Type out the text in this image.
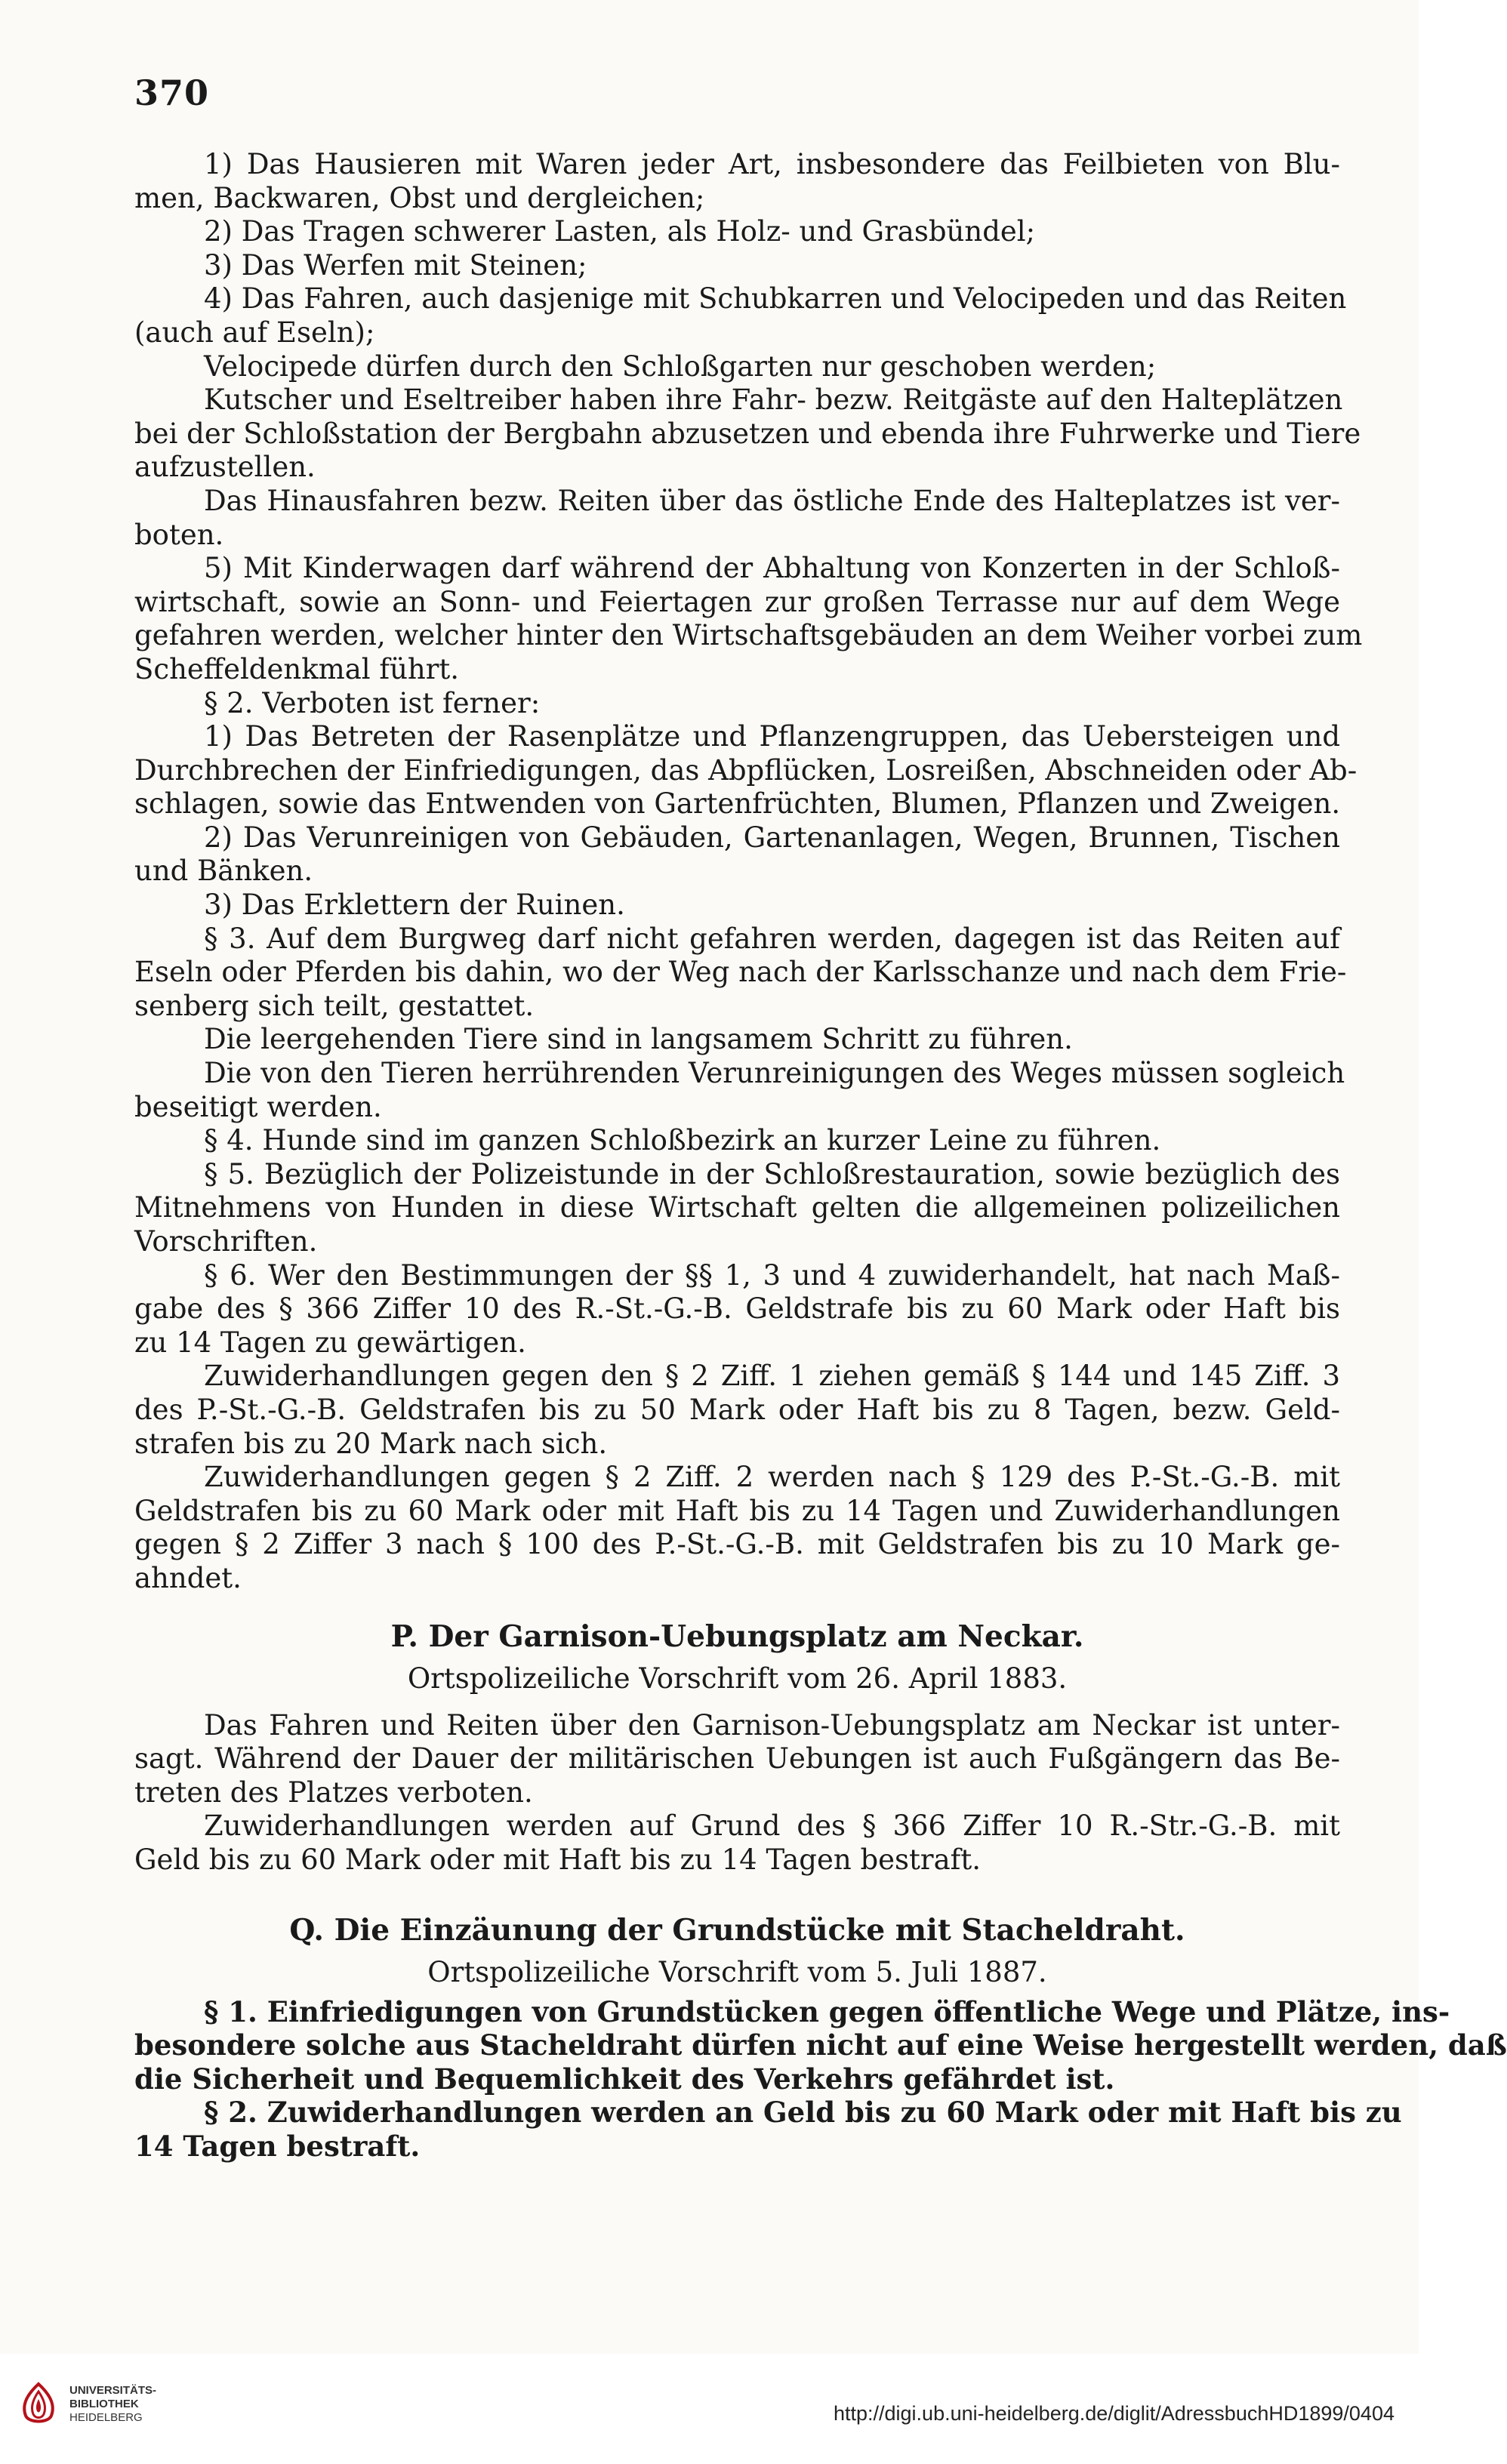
370
1) Das Hausieren mit Waren jeder Art, insbesondere das Feilbieten von Blu-
men, Backwaren, Obst und dergleichen;
2) Das Tragen schwerer Lasten, als Holz- und Grasbündel;
3) Das Werfen mit Steinen;
4) Das Fahren, auch dasjenige mit Schubkarren und Velocipeden und das Reiten
(auch auf Eseln);
Velocipede dürfen durch den Schloßgarten nur geschoben werden;
Kutscher und Eseltreiber haben ihre Fahr- bezw. Reitgäste auf den Halteplätzen
bei der Schloßstation der Bergbahn abzusetzen und ebenda ihre Fuhrwerke und Tiere
aufzustellen.
Das Hinausfahren bezw. Reiten über das östliche Ende des Halteplatzes ist ver-
boten.
5) Mit Kinderwagen darf während der Abhaltung von Konzerten in der Schloß-
wirtschaft, sowie an Sonn- und Feiertagen zur großen Terrasse nur auf dem Wege
gefahren werden, welcher hinter den Wirtschaftsgebäuden an dem Weiher vorbei zum
Scheffeldenkmal führt.
§ 2. Verboten ist ferner:
1) Das Betreten der Rasenplätze und Pflanzengruppen, das Uebersteigen und
Durchbrechen der Einfriedigungen, das Abpflücken, Losreißen, Abschneiden oder Ab-
schlagen, sowie das Entwenden von Gartenfrüchten, Blumen, Pflanzen und Zweigen.
2) Das Verunreinigen von Gebäuden, Gartenanlagen, Wegen, Brunnen, Tischen
und Bänken.
3) Das Erklettern der Ruinen.
§ 3. Auf dem Burgweg darf nicht gefahren werden, dagegen ist das Reiten auf
Eseln oder Pferden bis dahin, wo der Weg nach der Karlsschanze und nach dem Frie-
senberg sich teilt, gestattet.
Die leergehenden Tiere sind in langsamem Schritt zu führen.
Die von den Tieren herrührenden Verunreinigungen des Weges müssen sogleich
beseitigt werden.
§ 4. Hunde sind im ganzen Schloßbezirk an kurzer Leine zu führen.
§ 5. Bezüglich der Polizeistunde in der Schloßrestauration, sowie bezüglich des
Mitnehmens von Hunden in diese Wirtschaft gelten die allgemeinen polizeilichen
Vorschriften.
§ 6. Wer den Bestimmungen der §§ 1, 3 und 4 zuwiderhandelt, hat nach Maß-
gabe des § 366 Ziffer 10 des R.-St.-G.-B. Geldstrafe bis zu 60 Mark oder Haft bis
zu 14 Tagen zu gewärtigen.
Zuwiderhandlungen gegen den § 2 Ziff. 1 ziehen gemäß § 144 und 145 Ziff. 3
des P.-St.-G.-B. Geldstrafen bis zu 50 Mark oder Haft bis zu 8 Tagen, bezw. Geld-
strafen bis zu 20 Mark nach sich.
Zuwiderhandlungen gegen § 2 Ziff. 2 werden nach § 129 des P.-St.-G.-B. mit
Geldstrafen bis zu 60 Mark oder mit Haft bis zu 14 Tagen und Zuwiderhandlungen
gegen § 2 Ziffer 3 nach § 100 des P.-St.-G.-B. mit Geldstrafen bis zu 10 Mark ge-
ahndet.
P. Der Garnison-Uebungsplatz am Neckar.
Ortspolizeiliche Vorschrift vom 26. April 1883.
Das Fahren und Reiten über den Garnison-Uebungsplatz am Neckar ist unter-
sagt. Während der Dauer der militärischen Uebungen ist auch Fußgängern das Be-
treten des Platzes verboten.
Zuwiderhandlungen werden auf Grund des § 366 Ziffer 10 R.-Str.-G.-B. mit
Geld bis zu 60 Mark oder mit Haft bis zu 14 Tagen bestraft.
Q. Die Einzäunung der Grundstücke mit Stacheldraht.
Ortspolizeiliche Vorschrift vom 5. Juli 1887.
§ 1. Einfriedigungen von Grundstücken gegen öffentliche Wege und Plätze, ins-
besondere solche aus Stacheldraht dürfen nicht auf eine Weise hergestellt werden, daß
die Sicherheit und Bequemlichkeit des Verkehrs gefährdet ist.
§ 2. Zuwiderhandlungen werden an Geld bis zu 60 Mark oder mit Haft bis zu
14 Tagen bestraft.
UNIVERSITÄTS-
BIBLIOTHEK
HEIDELBERG	http://digi.ub.uni-heidelberg.de/diglit/AdressbuchHD1899/0404
